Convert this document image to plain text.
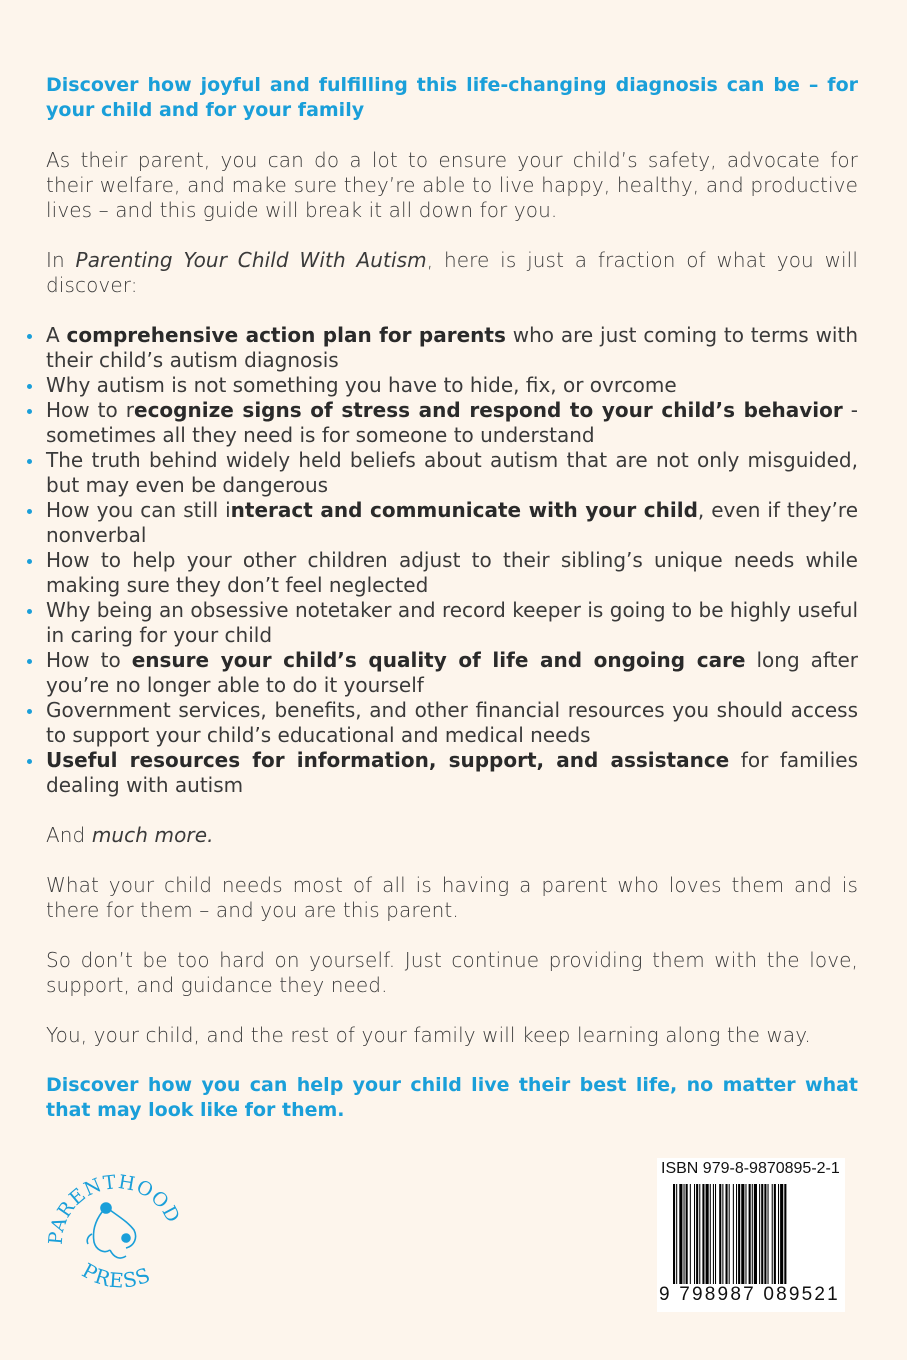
Discover how joyful and fulfilling this life-changing diagnosis can be – for your child and for your family

As their parent, you can do a lot to ensure your child’s safety, advocate for their welfare, and make sure they’re able to live happy, healthy, and productive lives – and this guide will break it all down for you.

In Parenting Your Child With Autism, here is just a fraction of what you will discover:

A comprehensive action plan for parents who are just coming to terms with their child’s autism diagnosis
Why autism is not something you have to hide, fix, or ovrcome
How to recognize signs of stress and respond to your child’s behavior - sometimes all they need is for someone to understand
The truth behind widely held beliefs about autism that are not only misguided, but may even be dangerous
How you can still interact and communicate with your child, even if they’re nonverbal
How to help your other children adjust to their sibling’s unique needs while making sure they don’t feel neglected
Why being an obsessive notetaker and record keeper is going to be highly useful in caring for your child
How to ensure your child’s quality of life and ongoing care long after you’re no longer able to do it yourself
Government services, benefits, and other financial resources you should access to support your child’s educational and medical needs
Useful resources for information, support, and assistance for families dealing with autism

And much more.

What your child needs most of all is having a parent who loves them and is there for them – and you are this parent.

So don’t be too hard on yourself. Just continue providing them with the love, support, and guidance they need.

You, your child, and the rest of your family will keep learning along the way.

Discover how you can help your child live their best life, no matter what that may look like for them.

PARENTHOOD
PRESS
ISBN 979-8-9870895-2-1
9 798987 089521
